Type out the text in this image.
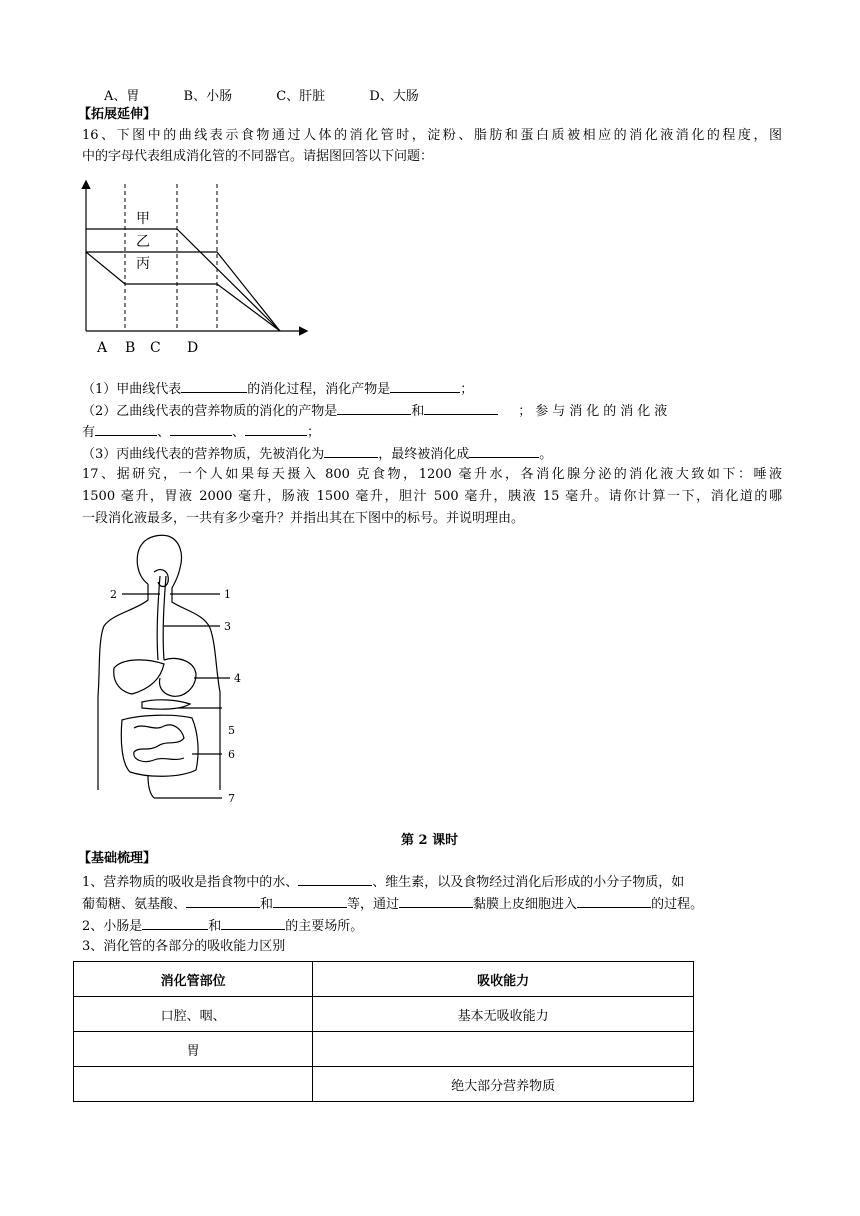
A、胃	B、小肠	C、肝脏	D、大肠
【拓展延伸】
16、下图中的曲线表示食物通过人体的消化管时，淀粉、脂肪和蛋白质被相应的消化液消化的程度，图
中的字母代表组成消化管的不同器官。请据图回答以下问题：
甲
乙
丙
A B C D
（1）甲曲线代表	的消化过程，消化产物是	；
（2）乙曲线代表的营养物质的消化的产物是	和	；参与消化的消化液
有	、	、	；
（3）丙曲线代表的营养物质，先被消化为	，最终被消化成	。
17、据研究，一个人如果每天摄入 800 克食物，1200 毫升水，各消化腺分泌的消化液大致如下：唾液
1500 毫升，胃液 2000 毫升，肠液 1500 毫升，胆汁 500 毫升，胰液 15 毫升。请你计算一下，消化道的哪
一段消化液最多，一共有多少毫升？并指出其在下图中的标号。并说明理由。
2	1
3
4
5
6
7
第 2 课时
【基础梳理】
1、营养物质的吸收是指食物中的水、	、维生素，以及食物经过消化后形成的小分子物质，如
葡萄糖、氨基酸、	和	等，通过	黏膜上皮细胞进入	的过程。
2、小肠是	和	的主要场所。
3、消化管的各部分的吸收能力区别
消化管部位	吸收能力
口腔、咽、	基本无吸收能力
胃	
	绝大部分营养物质
